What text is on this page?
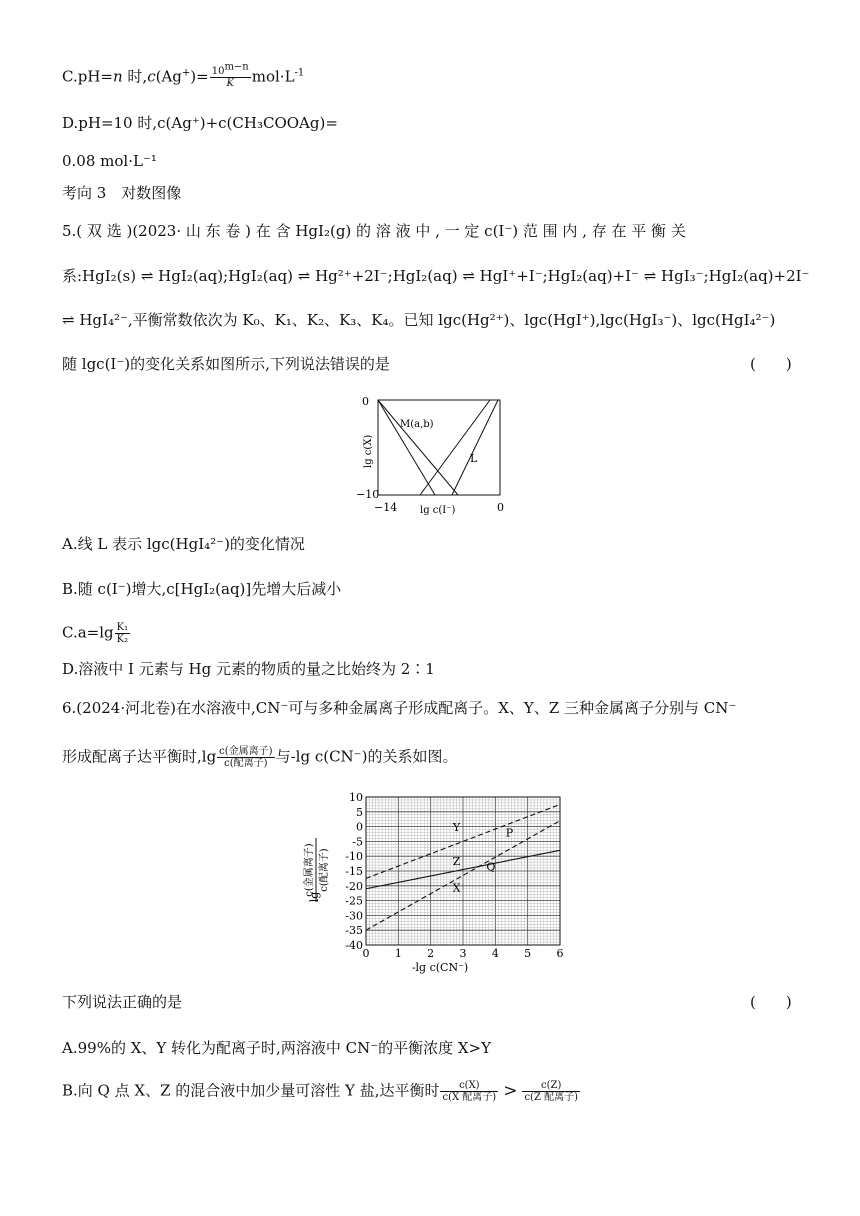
C.pH=n 时$,c(Ag^+)= \frac{10^{m-n}}{K} mol\cdot L^{-1}$
D.pH=10 时,c(Ag⁺)+c(CH₃COOAg)=
0.08 mol·L⁻¹
考向 3　对数图像
5.( 双 选 )(2023· 山 东 卷 ) 在 含 HgI₂(g) 的 溶 液 中 , 一 定 c(I⁻) 范 围 内 , 存 在 平 衡 关
系:HgI₂(s) ⇌ HgI₂(aq);HgI₂(aq) ⇌ Hg²⁺+2I⁻;HgI₂(aq) ⇌ HgI⁺+I⁻;HgI₂(aq)+I⁻ ⇌ HgI₃⁻;HgI₂(aq)+2I⁻
⇌ HgI₄²⁻,平衡常数依次为 K₀、K₁、K₂、K₃、K₄。已知 lgc(Hg²⁺)、lgc(HgI⁺),lgc(HgI₃⁻)、lgc(HgI₄²⁻)
随 lgc(I⁻)的变化关系如图所示,下列说法错误的是	(　　)
0
−10
−14	0
lg c(I⁻)
lg c(X)
M(a,b)
L
A.线 L 表示 lgc(HgI₄²⁻)的变化情况
B.随 c(I⁻)增大,c[HgI₂(aq)]先增大后减小
$C.a=\lg \frac{\text{K₁}}{\text{K₂}}$
D.溶液中 I 元素与 Hg 元素的物质的量之比始终为 2∶1
6.(2024·河北卷)在水溶液中,CN⁻可与多种金属离子形成配离子。X、Y、Z 三种金属离子分别与 CN⁻
形成配离子达平衡时$,\lg \frac{\text{c(金属离子)}}{\text{c(配离子)}}$ 与-lg c(CN⁻)的关系如图。
Y
X
Z
P
Q
0 1 2 3 4 5 6
10
5
0
-5
-10
-15
-20
-25
-30
-35
-40
-lg c(CN⁻)
lg
c(金属离子) c(配离子)
下列说法正确的是	(　　)
A.99%的 X、Y 转化为配离子时,两溶液中 CN⁻的平衡浓度 X>Y
B.向 Q 点 X、Z 的混合液中加少量可溶性 Y 盐,达平衡时 $\frac{c(X)}{\text{c(X 配离子)}} > \frac{c(Z)}{\text{c(Z 配离子)}}$
